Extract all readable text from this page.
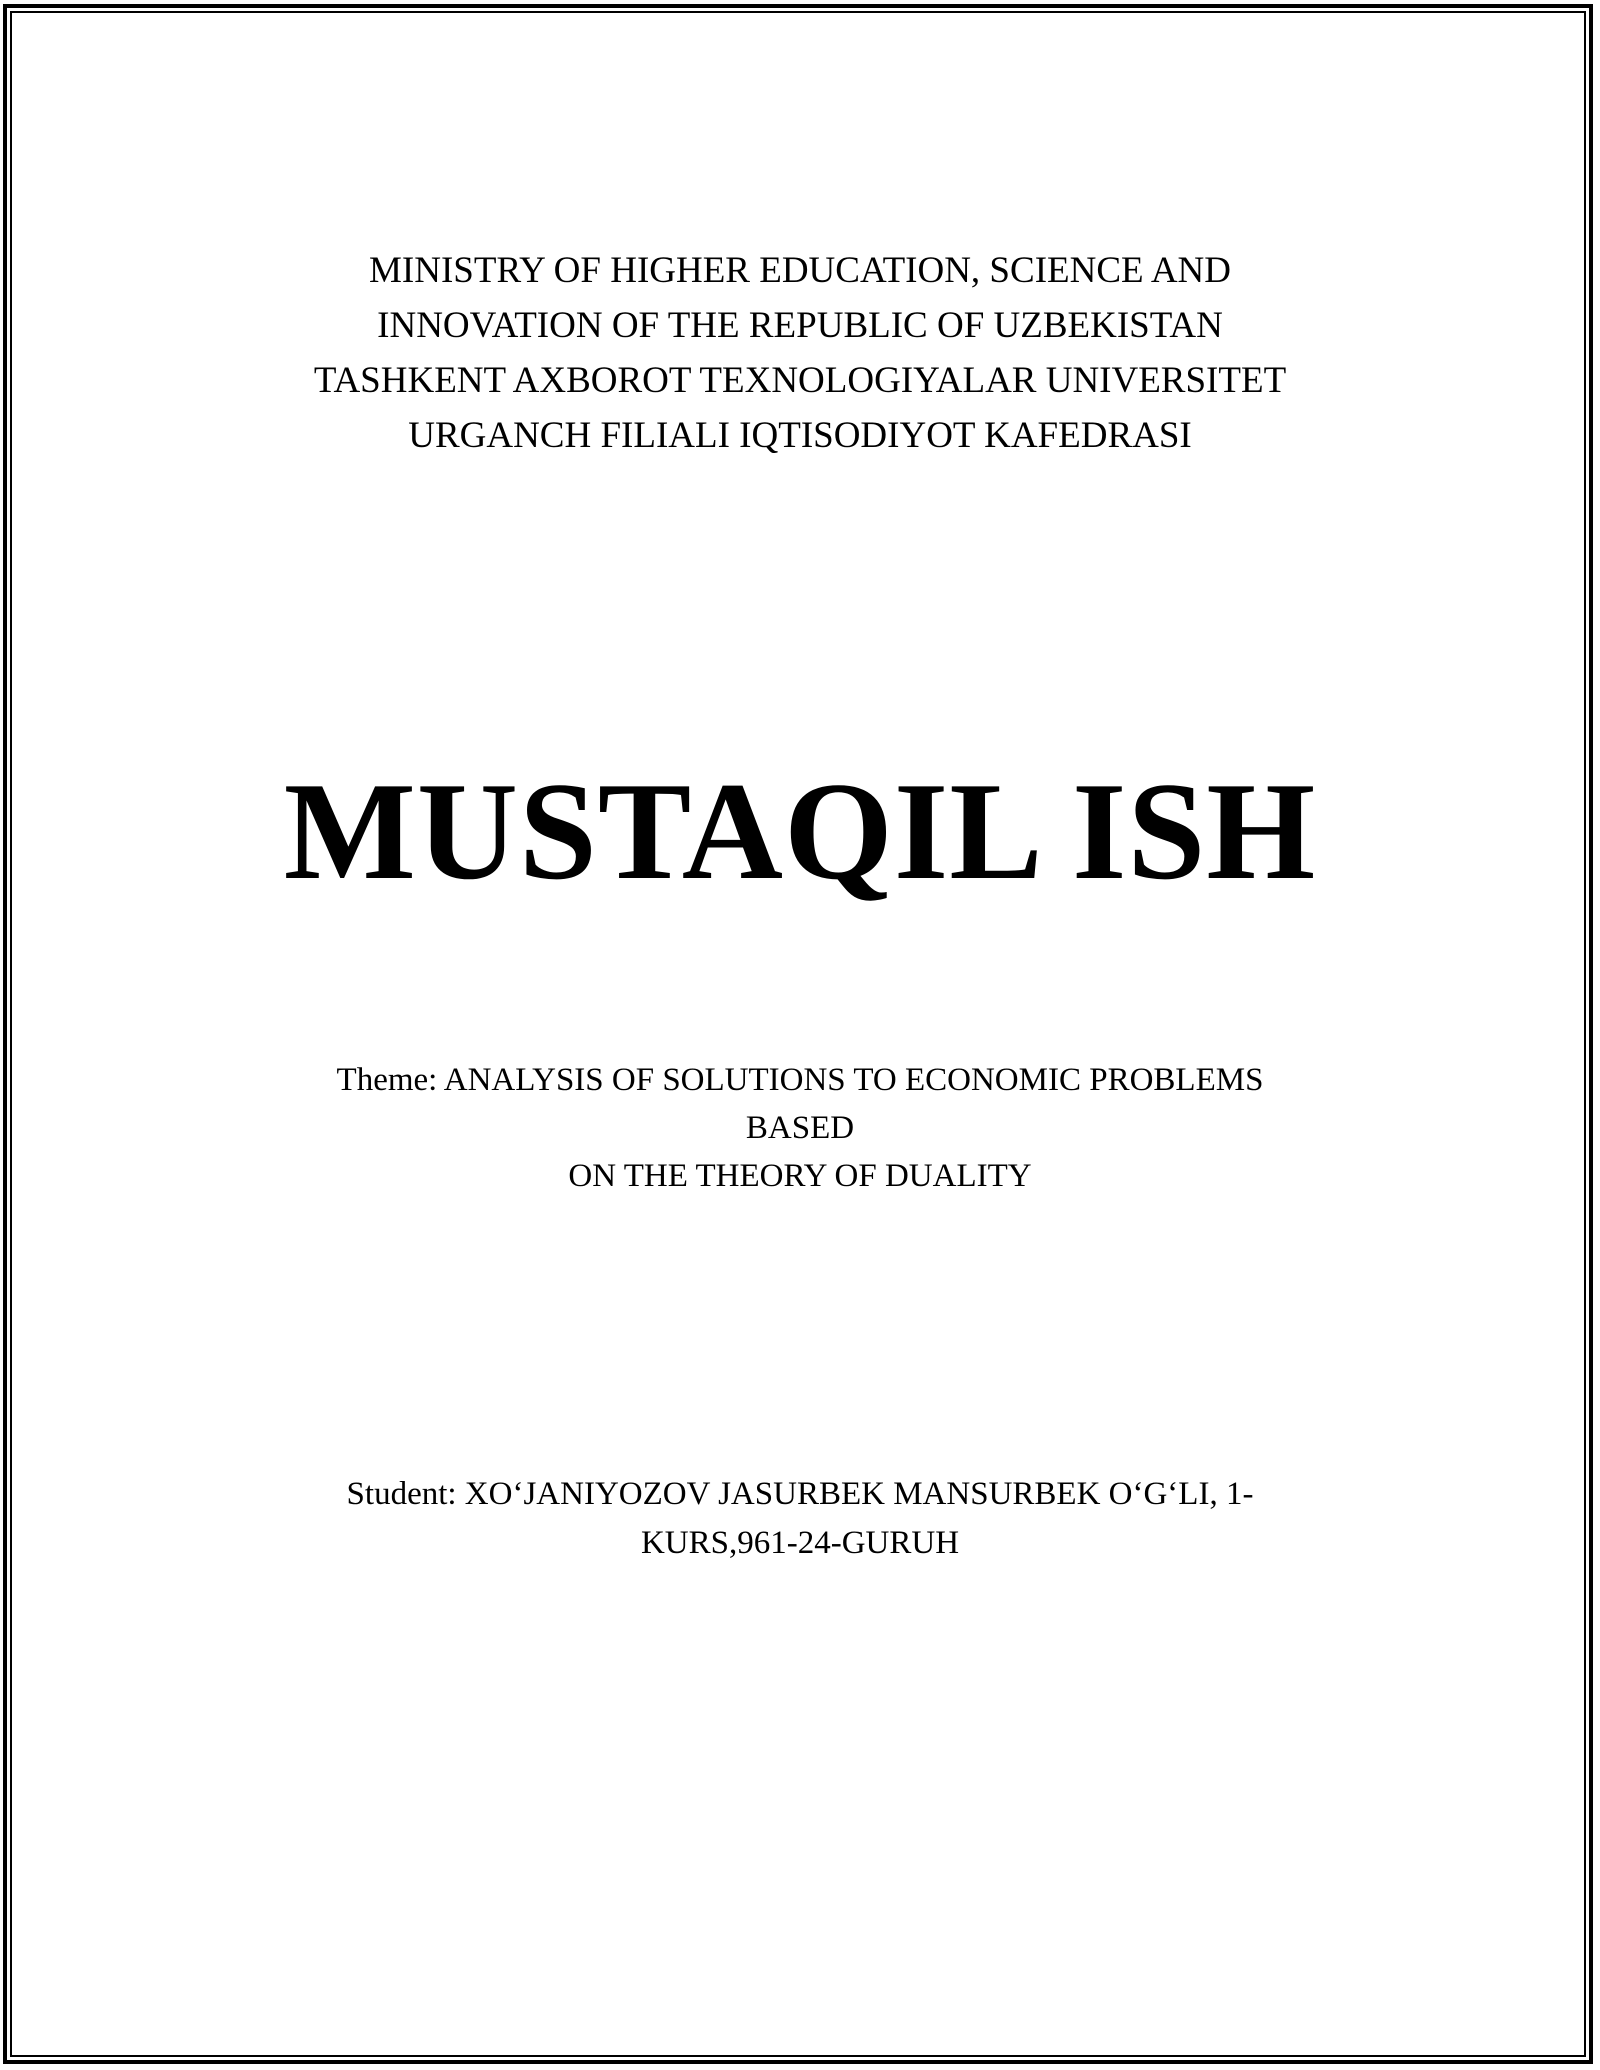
MINISTRY OF HIGHER EDUCATION, SCIENCE AND
INNOVATION OF THE REPUBLIC OF UZBEKISTAN
TASHKENT AXBOROT TEXNOLOGIYALAR UNIVERSITET
URGANCH FILIALI IQTISODIYOT KAFEDRASI
MUSTAQIL ISH
Theme: ANALYSIS OF SOLUTIONS TO ECONOMIC PROBLEMS
BASED
ON THE THEORY OF DUALITY
Student: XO‘JANIYOZOV JASURBEK MANSURBEK O‘G‘LI, 1-
KURS,961-24-GURUH
